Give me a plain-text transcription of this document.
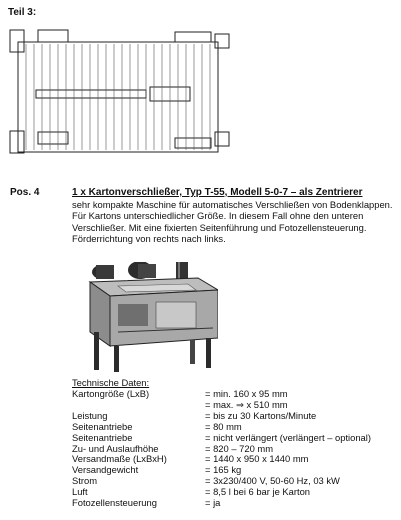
Teil 3:
Pos. 4	1 x Kartonverschließer, Typ T-55, Modell 5-0-7 – als Zentrierer
sehr kompakte Maschine für automatisches Verschließen von Bodenklappen.
Für Kartons unterschiedlicher Größe. In diesem Fall ohne den unteren
Verschließer. Mit eine fixierten Seitenführung und Fotozellensteuerung.
Förderrichtung von rechts nach links.
Technische Daten:
Kartongröße (LxB)	= min. 160 x 95 mm
= max. ⇒ x 510 mm
Leistung	= bis zu 30 Kartons/Minute
Seitenantriebe	= 80 mm
Seitenantriebe	= nicht verlängert (verlängert – optional)
Zu- und Auslaufhöhe	= 820 – 720 mm
Versandmaße (LxBxH)	= 1440 x 950 x 1440 mm
Versandgewicht	= 165 kg
Strom	= 3x230/400 V, 50-60 Hz, 03 kW
Luft	= 8,5 l bei 6 bar je Karton
Fotozellensteuerung	= ja
